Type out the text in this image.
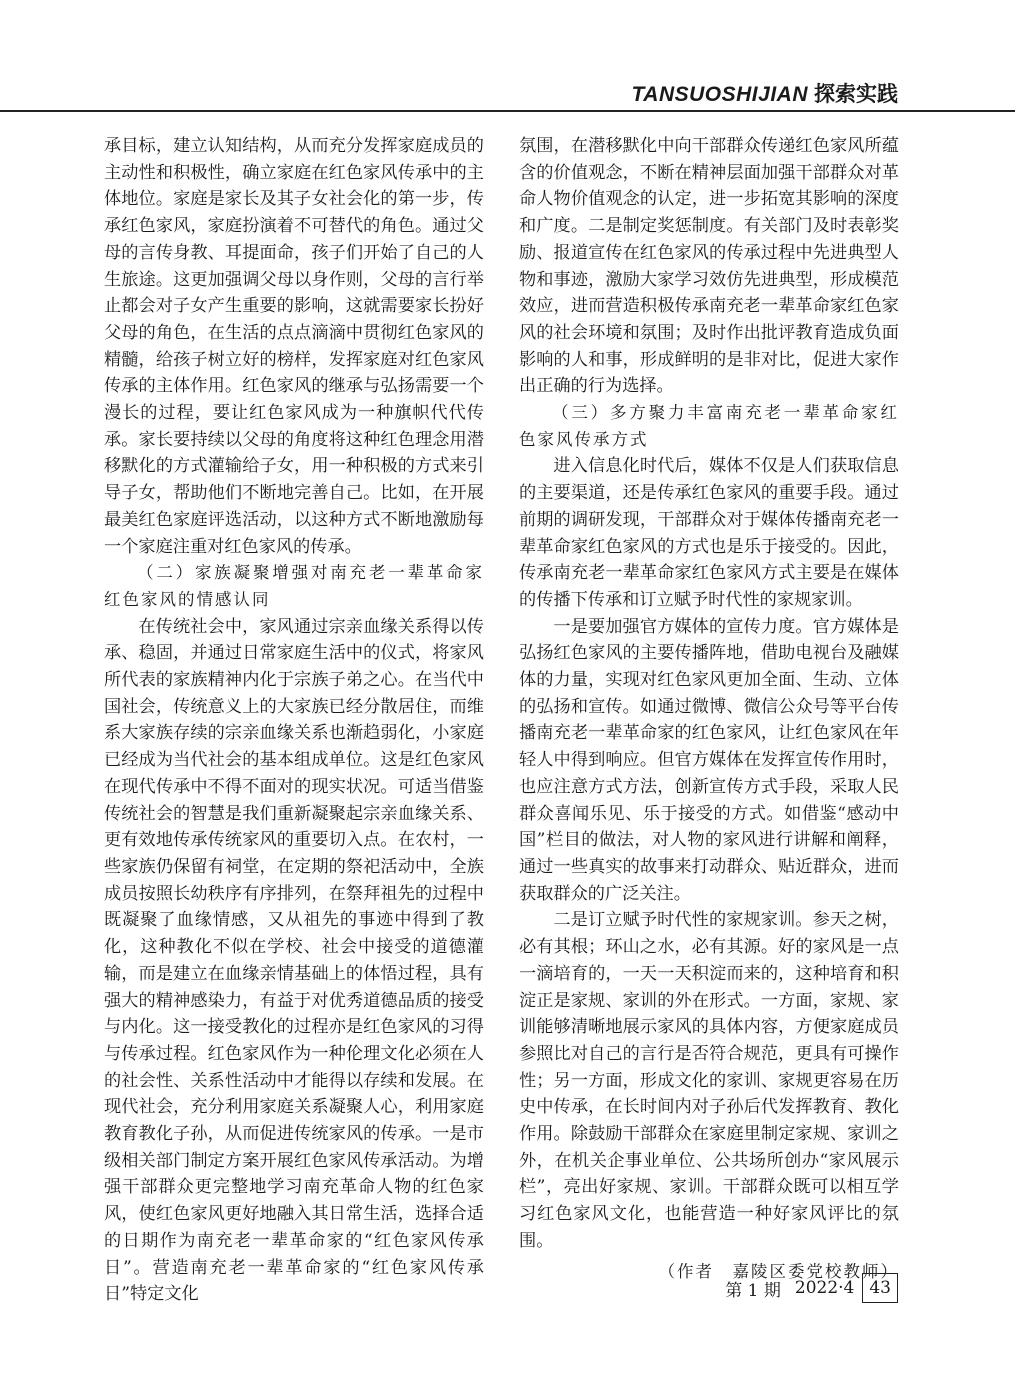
TANSUOSHIJIAN 探索实践

承目标，建立认知结构，从而充分发挥家庭成员的主动性和积极性，确立家庭在红色家风传承中的主体地位。家庭是家长及其子女社会化的第一步，传承红色家风，家庭扮演着不可替代的角色。通过父母的言传身教、耳提面命，孩子们开始了自己的人生旅途。这更加强调父母以身作则，父母的言行举止都会对子女产生重要的影响，这就需要家长扮好父母的角色，在生活的点点滴滴中贯彻红色家风的精髓，给孩子树立好的榜样，发挥家庭对红色家风传承的主体作用。红色家风的继承与弘扬需要一个漫长的过程，要让红色家风成为一种旗帜代代传承。家长要持续以父母的角度将这种红色理念用潜移默化的方式灌输给子女，用一种积极的方式来引导子女，帮助他们不断地完善自己。比如，在开展最美红色家庭评选活动，以这种方式不断地激励每一个家庭注重对红色家风的传承。

（二）家族凝聚增强对南充老一辈革命家红色家风的情感认同

在传统社会中，家风通过宗亲血缘关系得以传承、稳固，并通过日常家庭生活中的仪式，将家风所代表的家族精神内化于宗族子弟之心。在当代中国社会，传统意义上的大家族已经分散居住，而维系大家族存续的宗亲血缘关系也渐趋弱化，小家庭已经成为当代社会的基本组成单位。这是红色家风在现代传承中不得不面对的现实状况。可适当借鉴传统社会的智慧是我们重新凝聚起宗亲血缘关系、更有效地传承传统家风的重要切入点。在农村，一些家族仍保留有祠堂，在定期的祭祀活动中，全族成员按照长幼秩序有序排列，在祭拜祖先的过程中既凝聚了血缘情感，又从祖先的事迹中得到了教化，这种教化不似在学校、社会中接受的道德灌输，而是建立在血缘亲情基础上的体悟过程，具有强大的精神感染力，有益于对优秀道德品质的接受与内化。这一接受教化的过程亦是红色家风的习得与传承过程。红色家风作为一种伦理文化必须在人的社会性、关系性活动中才能得以存续和发展。在现代社会，充分利用家庭关系凝聚人心，利用家庭教育教化子孙，从而促进传统家风的传承。一是市级相关部门制定方案开展红色家风传承活动。为增强干部群众更完整地学习南充革命人物的红色家风，使红色家风更好地融入其日常生活，选择合适的日期作为南充老一辈革命家的“红色家风传承日”。营造南充老一辈革命家的“红色家风传承日”特定文化

氛围，在潜移默化中向干部群众传递红色家风所蕴含的价值观念，不断在精神层面加强干部群众对革命人物价值观念的认定，进一步拓宽其影响的深度和广度。二是制定奖惩制度。有关部门及时表彰奖励、报道宣传在红色家风的传承过程中先进典型人物和事迹，激励大家学习效仿先进典型，形成模范效应，进而营造积极传承南充老一辈革命家红色家风的社会环境和氛围；及时作出批评教育造成负面影响的人和事，形成鲜明的是非对比，促进大家作出正确的行为选择。

（三）多方聚力丰富南充老一辈革命家红色家风传承方式

进入信息化时代后，媒体不仅是人们获取信息的主要渠道，还是传承红色家风的重要手段。通过前期的调研发现，干部群众对于媒体传播南充老一辈革命家红色家风的方式也是乐于接受的。因此，传承南充老一辈革命家红色家风方式主要是在媒体的传播下传承和订立赋予时代性的家规家训。

一是要加强官方媒体的宣传力度。官方媒体是弘扬红色家风的主要传播阵地，借助电视台及融媒体的力量，实现对红色家风更加全面、生动、立体的弘扬和宣传。如通过微博、微信公众号等平台传播南充老一辈革命家的红色家风，让红色家风在年轻人中得到响应。但官方媒体在发挥宣传作用时，也应注意方式方法，创新宣传方式手段，采取人民群众喜闻乐见、乐于接受的方式。如借鉴“感动中国”栏目的做法，对人物的家风进行讲解和阐释，通过一些真实的故事来打动群众、贴近群众，进而获取群众的广泛关注。

二是订立赋予时代性的家规家训。参天之树，必有其根；环山之水，必有其源。好的家风是一点一滴培育的，一天一天积淀而来的，这种培育和积淀正是家规、家训的外在形式。一方面，家规、家训能够清晰地展示家风的具体内容，方便家庭成员参照比对自己的言行是否符合规范，更具有可操作性；另一方面，形成文化的家训、家规更容易在历史中传承，在长时间内对子孙后代发挥教育、教化作用。除鼓励干部群众在家庭里制定家规、家训之外，在机关企事业单位、公共场所创办“家风展示栏”，亮出好家规、家训。干部群众既可以相互学习红色家风文化，也能营造一种好家风评比的氛围。

（作者　嘉陵区委党校教师）

第 1 期 2022·4 43
